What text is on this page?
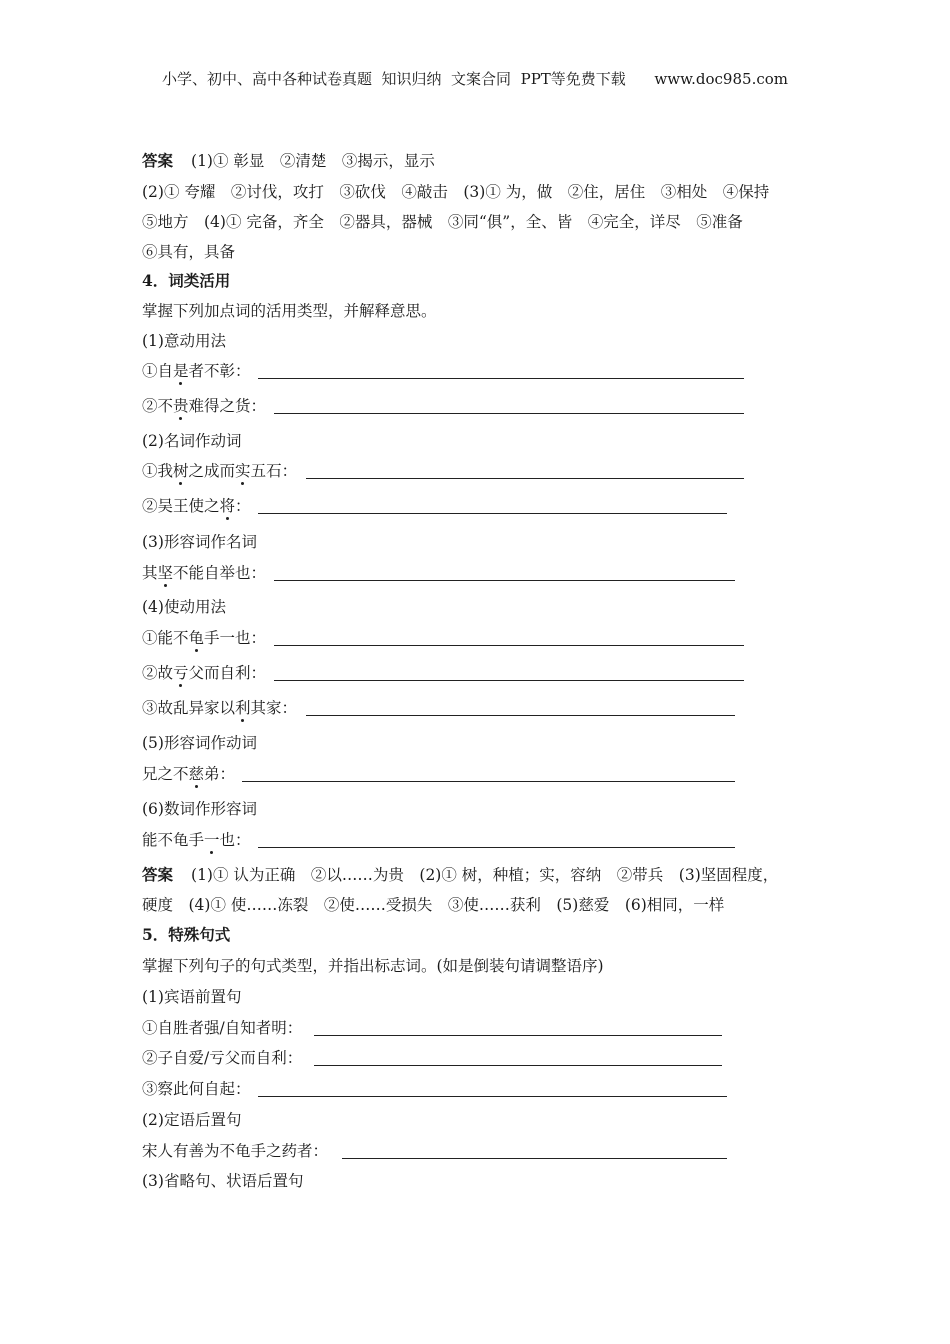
小学、初中、高中各种试卷真题  知识归纳  文案合同  PPT等免费下载      www.doc985.com
答案 (1)① 彰显　②清楚　③揭示，显示
(2)① 夸耀　②讨伐，攻打　③砍伐　④敲击　(3)① 为，做　②住，居住　③相处　④保持
⑤地方　(4)① 完备，齐全　②器具，器械　③同“俱”，全、皆　④完全，详尽　⑤准备
⑥具有，具备
4．词类活用
掌握下列加点词的活用类型，并解释意思。
(1)意动用法
①自是者不彰：
②不贵难得之货：
(2)名词作动词
①我树之成而实五石：
②吴王使之将：
(3)形容词作名词
其坚不能自举也：
(4)使动用法
①能不龟手一也：
②故亏父而自利：
③故乱异家以利其家：
(5)形容词作动词
兄之不慈弟：
(6)数词作形容词
能不龟手一也：
答案 (1)① 认为正确　②以……为贵　(2)① 树，种植；实，容纳　②带兵　(3)坚固程度，
硬度　(4)① 使……冻裂　②使……受损失　③使……获利　(5)慈爱　(6)相同，一样
5．特殊句式
掌握下列句子的句式类型，并指出标志词。(如是倒装句请调整语序)
(1)宾语前置句
①自胜者强/自知者明：
②子自爱/亏父而自利：
③察此何自起：
(2)定语后置句
宋人有善为不龟手之药者：
(3)省略句、状语后置句
